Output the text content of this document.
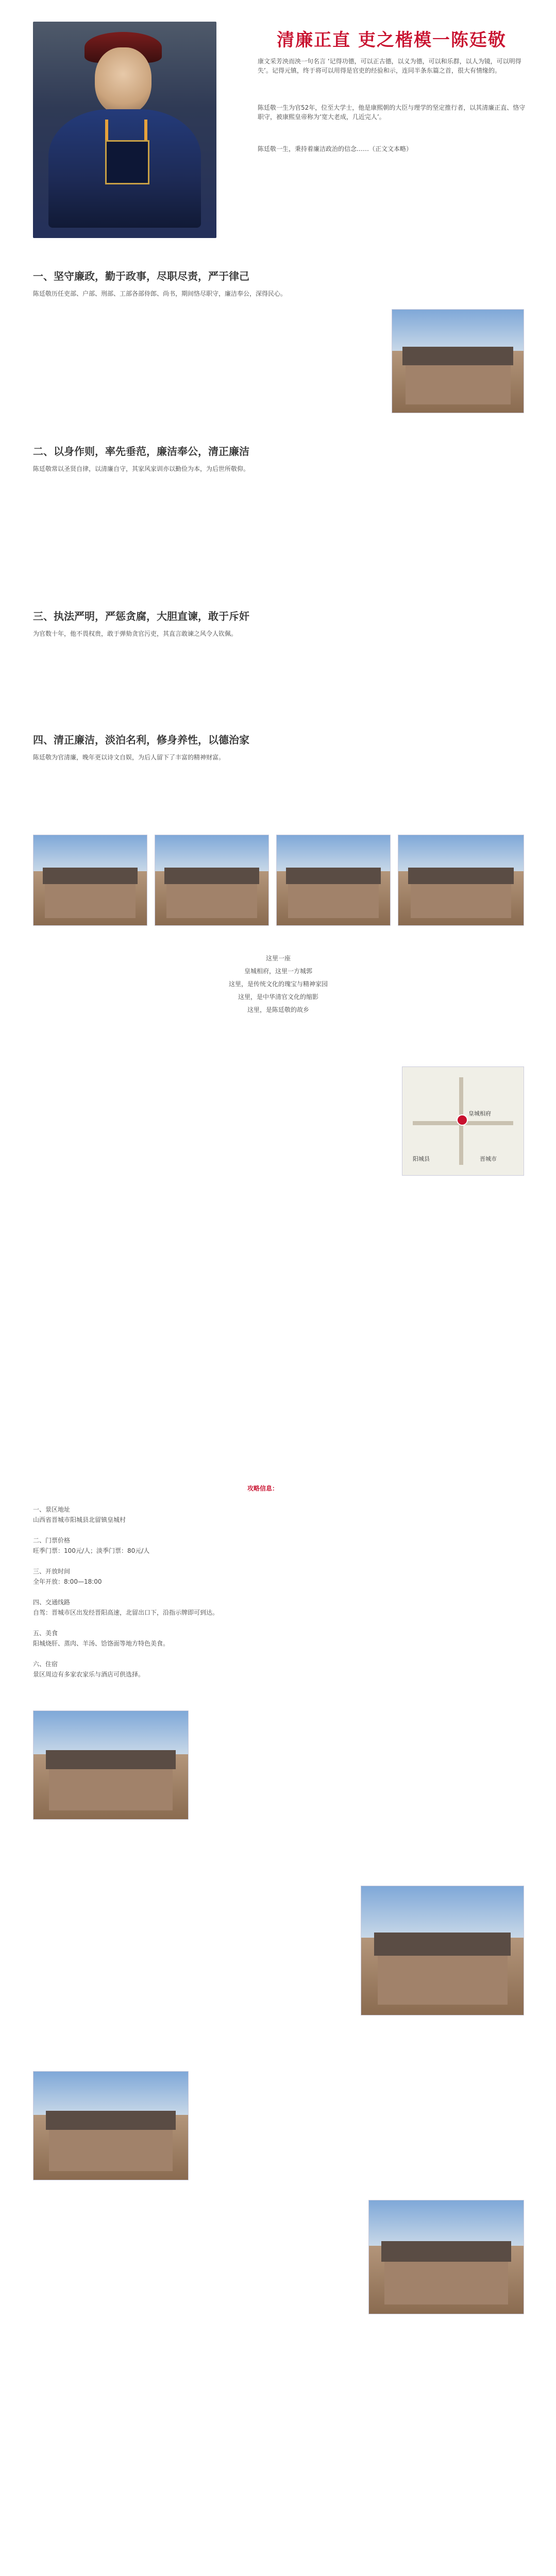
清廉正直 吏之楷模一陈廷敬
康文采芳泱而泱一句名言 ‘记得功德，可以正古德，以义为德，可以和乐群，以人为镜，可以明得失’。记得元镇，终于将可以用得是官吏的经验和示，连同半条东篇之首，很大有情缘的。
陈廷敬一生为官52年，位至大学士，他是康熙朝的大臣与理学的坚定推行者，以其清廉正直、恪守职守，被康熙皇帝称为‘宽大老成，几近完人’。
陈廷敬一生，秉持着廉洁政治的信念……（正文文本略）
一、坚守廉政，勤于政事，尽职尽责，严于律己
陈廷敬历任吏部、户部、刑部、工部各部侍郎、尚书，期间恪尽职守，廉洁奉公，深得民心。
二、以身作则，率先垂范，廉洁奉公，清正廉洁
陈廷敬常以圣贤自律，以清廉自守，其家风家训亦以勤俭为本，为后世所敬仰。
三、执法严明，严惩贪腐，大胆直谏，敢于斥奸
为官数十年，他不畏权贵，敢于弹劾贪官污吏，其直言敢谏之风令人钦佩。
四、清正廉洁，淡泊名利，修身养性，以德治家
陈廷敬为官清廉，晚年更以诗文自娱，为后人留下了丰富的精神财富。
这里一座
皇城相府，这里一方城郭
这里，是传统文化的瑰宝与精神家园
这里，是中华清官文化的缩影
这里，是陈廷敬的故乡
皇城相府
阳城县	晋城市
攻略信息：
一、景区地址
山西省晋城市阳城县北留镇皇城村
二、门票价格
旺季门票：100元/人；淡季门票：80元/人
三、开放时间
全年开放：8:00—18:00
四、交通线路
自驾：晋城市区出发经晋阳高速，北留出口下，沿指示牌即可到达。
五、美食
阳城烧肝、蒸肉、羊汤、饸饹面等地方特色美食。
六、住宿
景区周边有多家农家乐与酒店可供选择。
